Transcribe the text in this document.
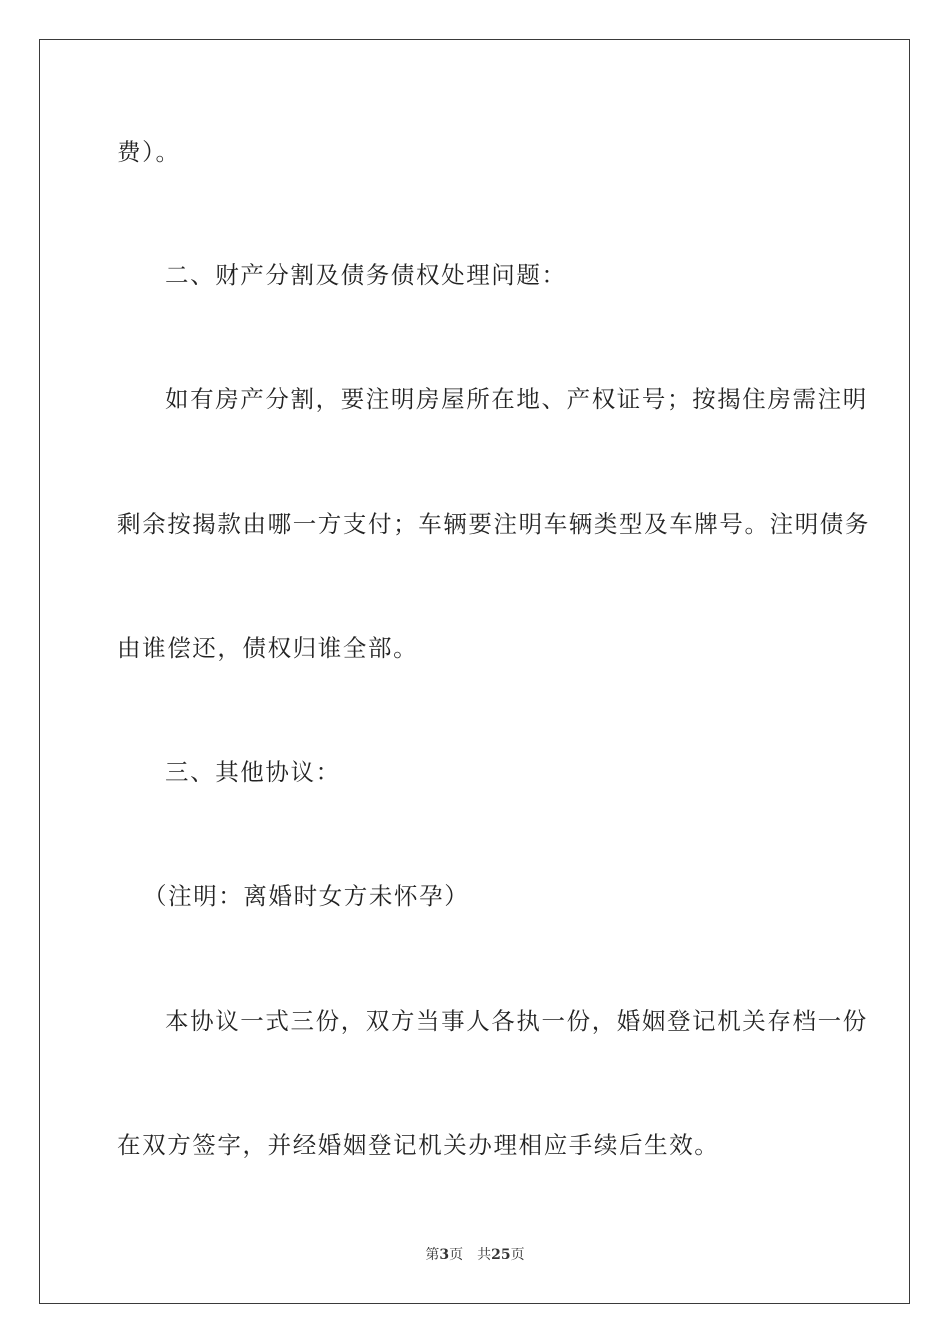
费）。
二、财产分割及债务债权处理问题：
如有房产分割，要注明房屋所在地、产权证号；按揭住房需注明
剩余按揭款由哪一方支付；车辆要注明车辆类型及车牌号。注明债务
由谁偿还，债权归谁全部。
三、其他协议：
（注明：离婚时女方未怀孕）
本协议一式三份，双方当事人各执一份，婚姻登记机关存档一份
在双方签字，并经婚姻登记机关办理相应手续后生效。
第3页 共25页
